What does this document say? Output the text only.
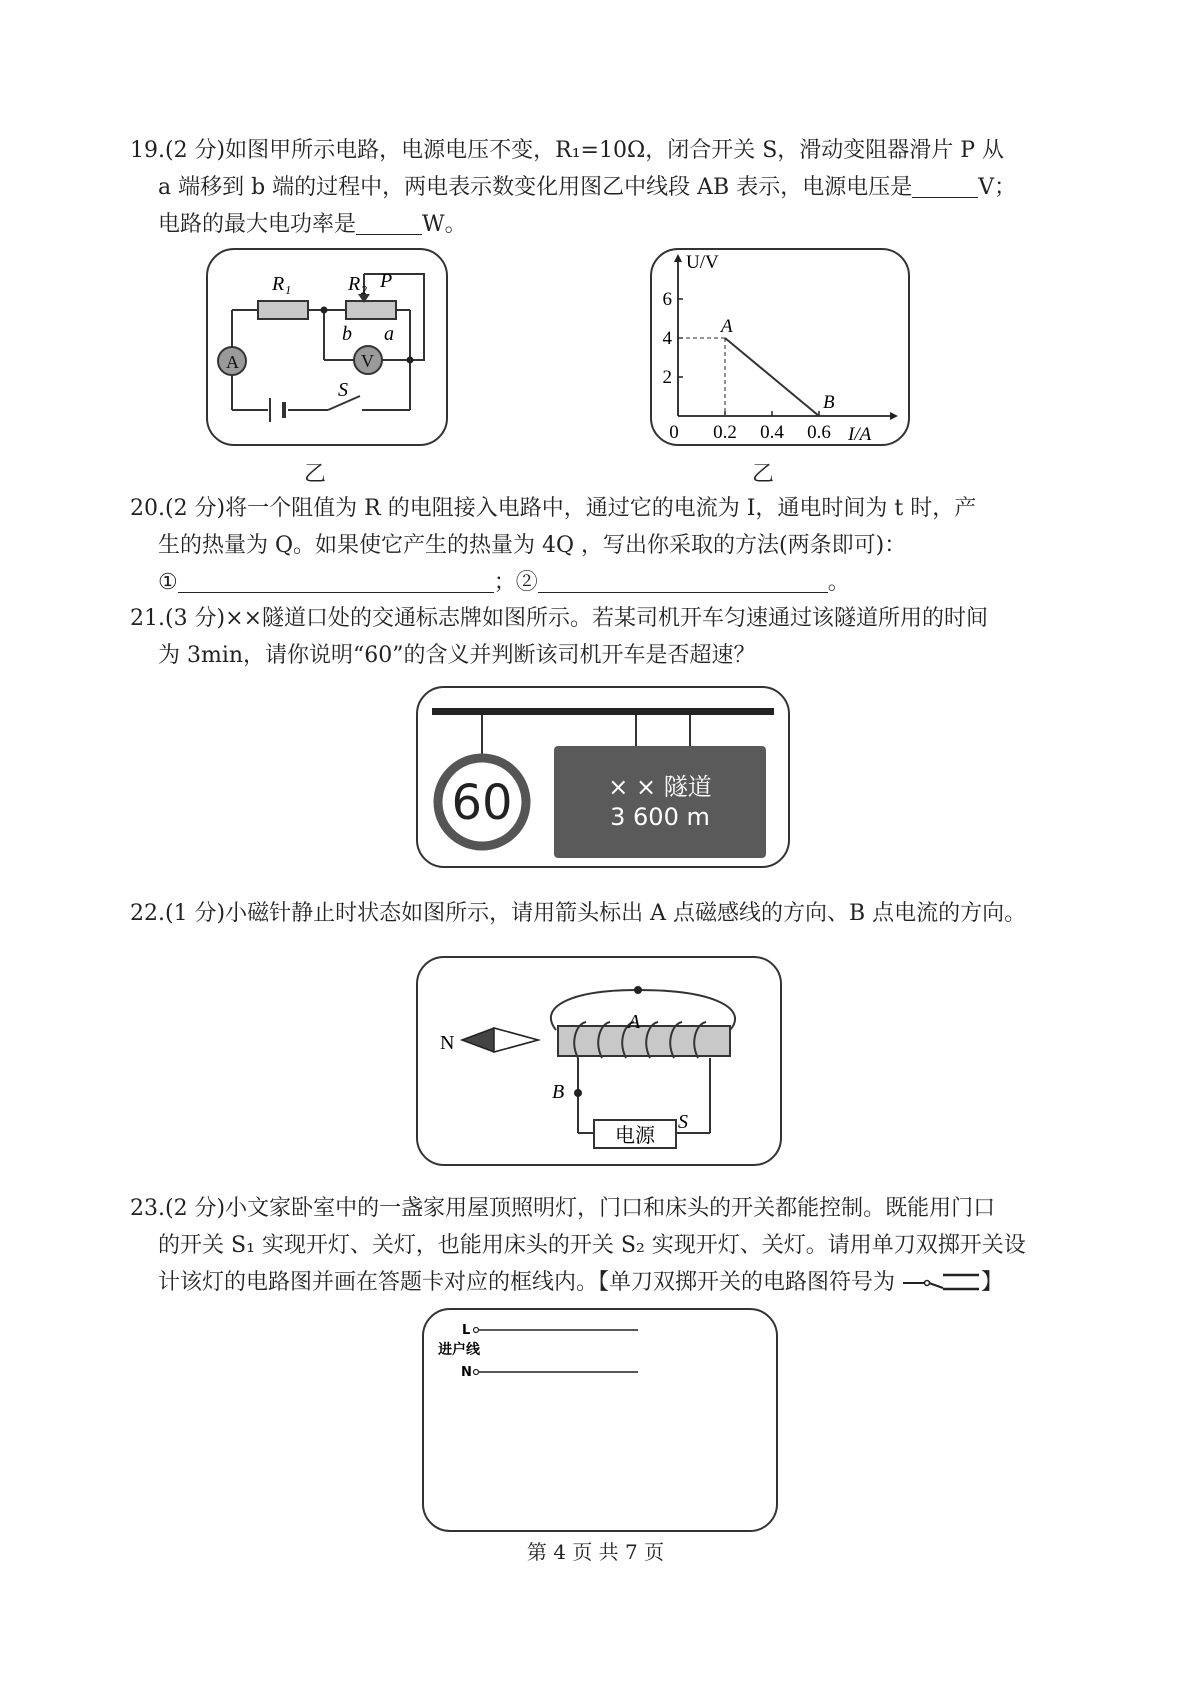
19.(2 分)如图甲所示电路，电源电压不变，R₁=10Ω，闭合开关 S，滑动变阻器滑片 P 从

a 端移到 b 端的过程中，两电表示数变化用图乙中线段 AB 表示，电源电压是	V；

电路的最大电功率是	W。

R₁	R₂ P
b a
A	V
S
乙
U/V
I/A
0 0.2 0.4 0.6
2
4
6
A
B
乙

20.(2 分)将一个阻值为 R 的电阻接入电路中，通过它的电流为 I，通电时间为 t 时，产

生的热量为 Q。如果使它产生的热量为 4Q ，写出你采取的方法(两条即可)：

①	；②	。

21.(3 分)××隧道口处的交通标志牌如图所示。若某司机开车匀速通过该隧道所用的时间

为 3min，请你说明“60”的含义并判断该司机开车是否超速？

60	× × 隧道
3 600 m

22.(1 分)小磁针静止时状态如图所示，请用箭头标出 A 点磁感线的方向、B 点电流的方向。

N
A
B
S
电源

23.(2 分)小文家卧室中的一盏家用屋顶照明灯，门口和床头的开关都能控制。既能用门口

的开关 S₁ 实现开灯、关灯，也能用床头的开关 S₂ 实现开灯、关灯。请用单刀双掷开关设

计该灯的电路图并画在答题卡对应的框线内。【单刀双掷开关的电路图符号为	】

L
进户线
N
第 4 页 共 7 页
